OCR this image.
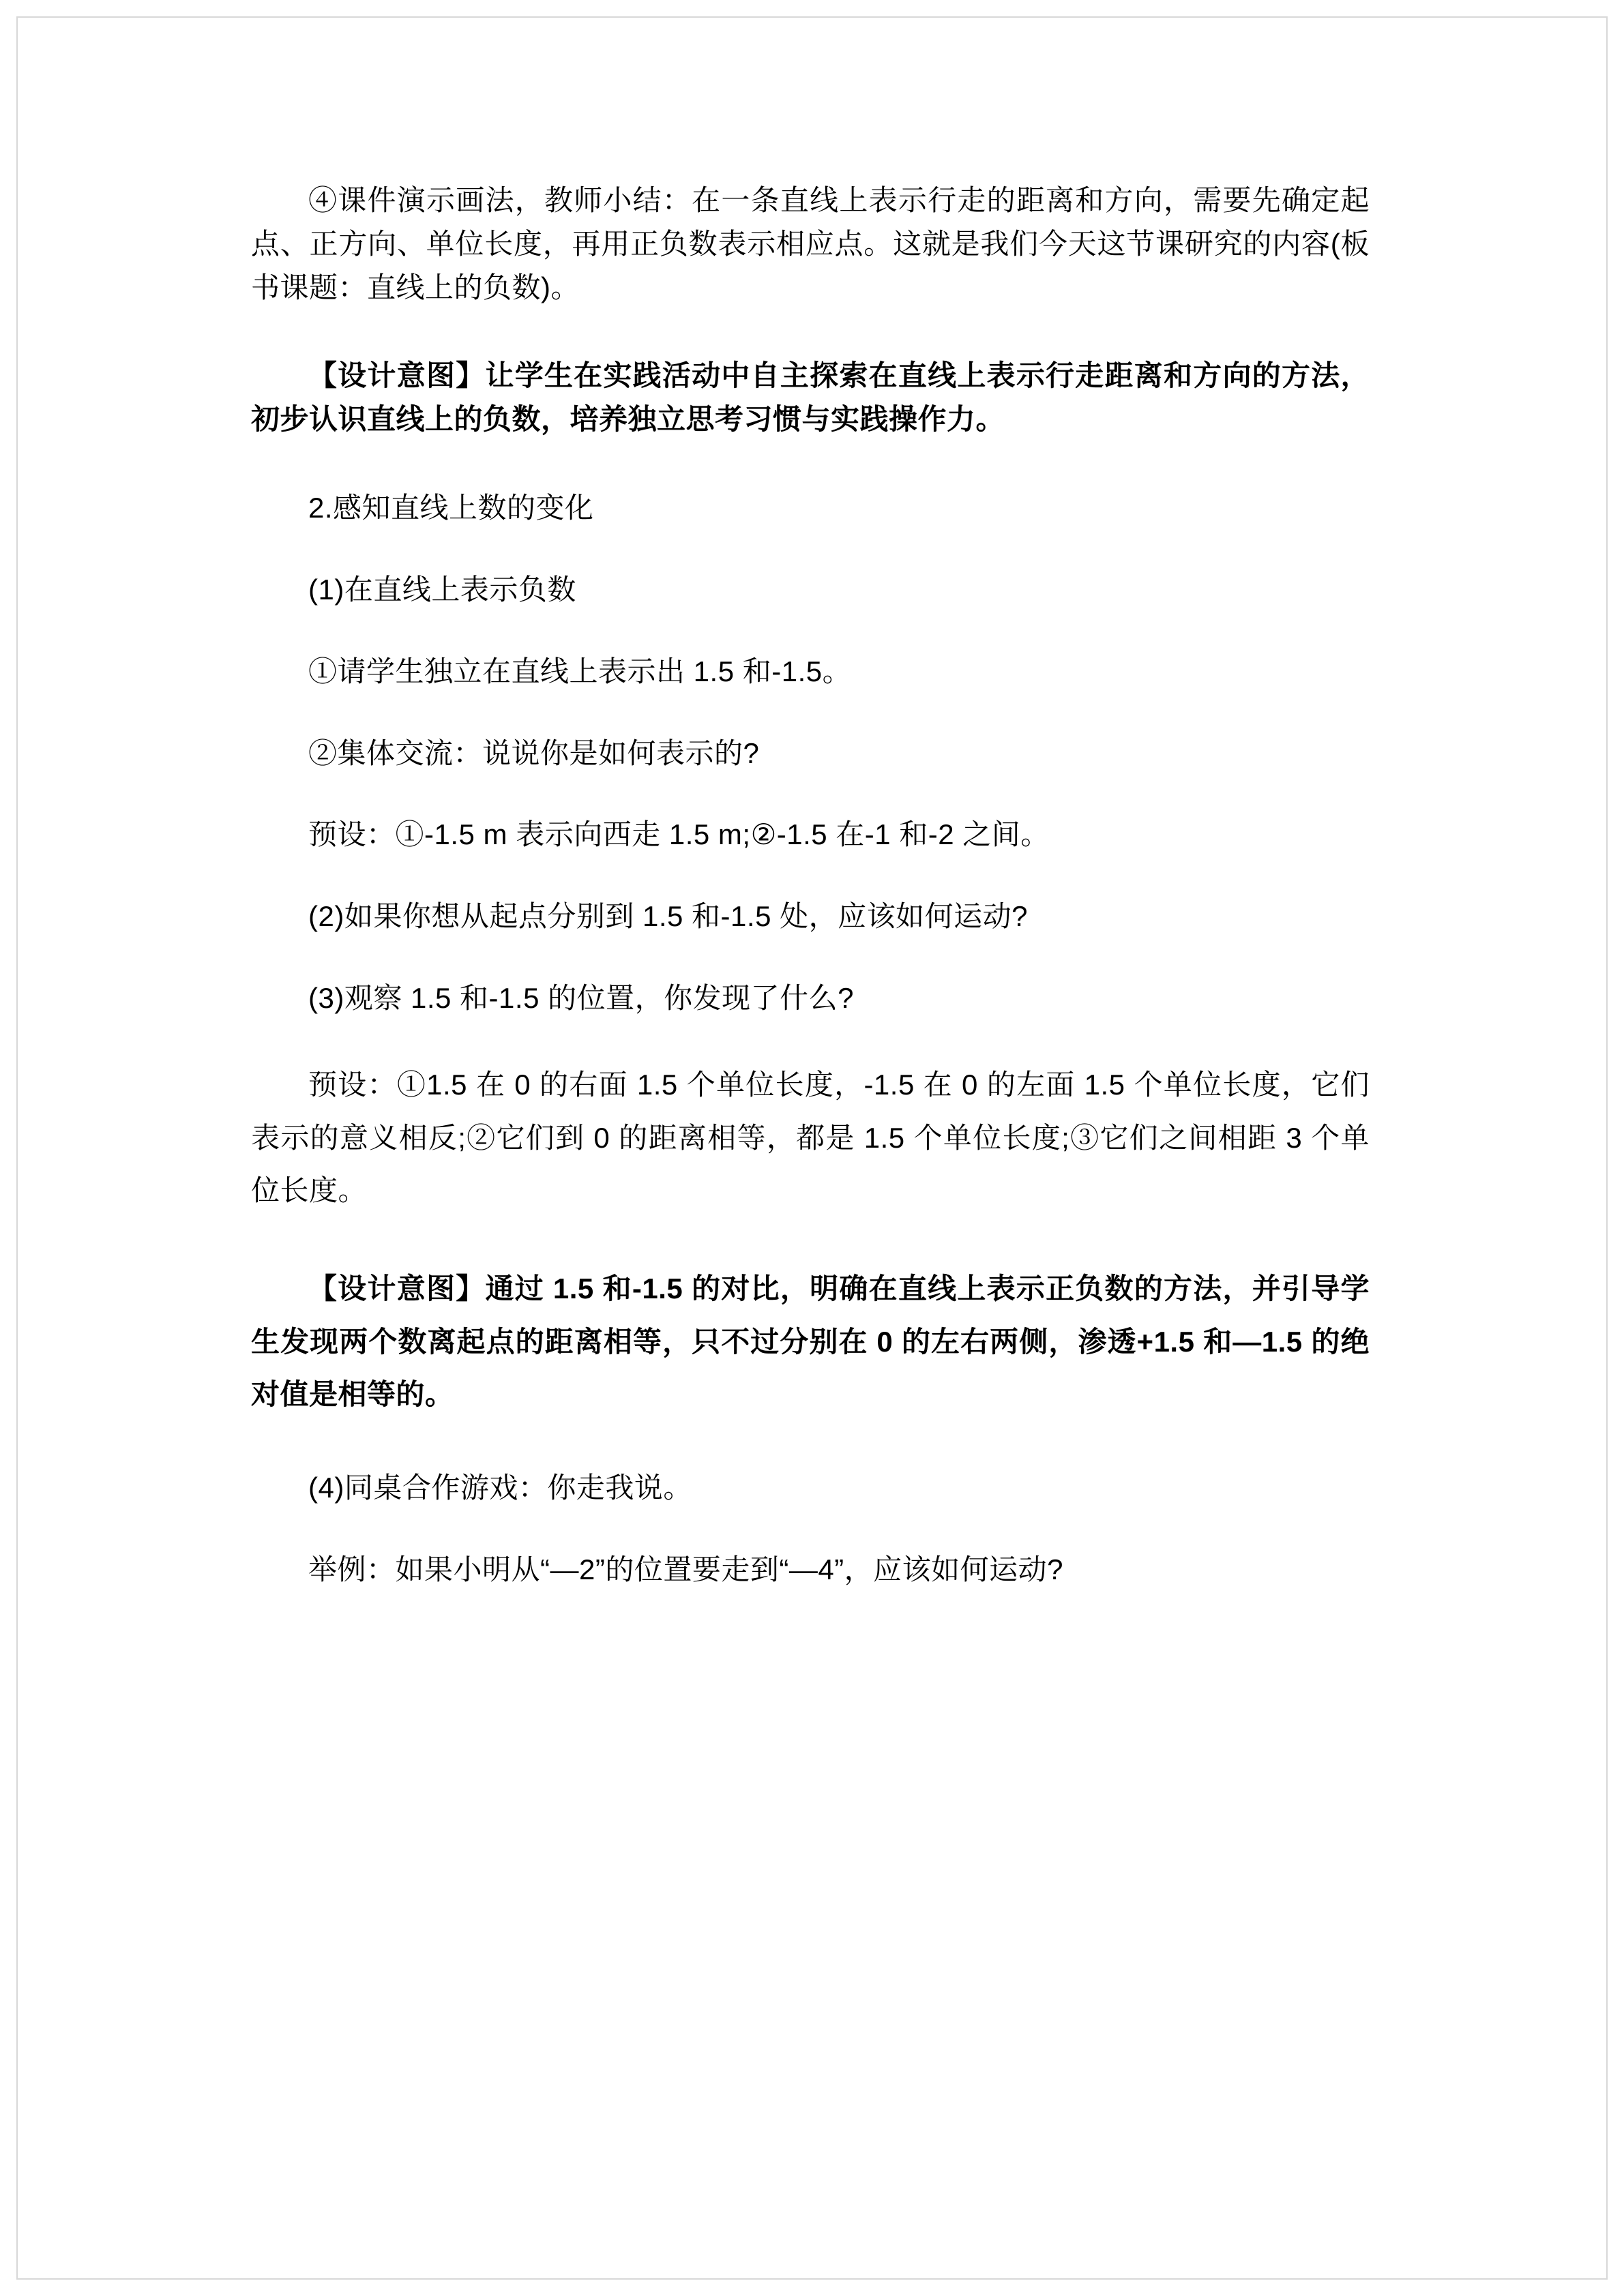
④课件演示画法，教师小结：在一条直线上表示行走的距离和方向，需要先确定起点、正方向、单位长度，再用正负数表示相应点。这就是我们今天这节课研究的内容(板书课题：直线上的负数)。

【设计意图】让学生在实践活动中自主探索在直线上表示行走距离和方向的方法，初步认识直线上的负数，培养独立思考习惯与实践操作力。

2.感知直线上数的变化

(1)在直线上表示负数

①请学生独立在直线上表示出 1.5 和-1.5。

②集体交流：说说你是如何表示的?

预设：①-1.5 m 表示向西走 1.5 m;②-1.5 在-1 和-2 之间。

(2)如果你想从起点分别到 1.5 和-1.5 处，应该如何运动?

(3)观察 1.5 和-1.5 的位置，你发现了什么?

预设：①1.5 在 0 的右面 1.5 个单位长度，-1.5 在 0 的左面 1.5 个单位长度，它们表示的意义相反;②它们到 0 的距离相等，都是 1.5 个单位长度;③它们之间相距 3 个单位长度。

【设计意图】通过 1.5 和-1.5 的对比，明确在直线上表示正负数的方法，并引导学生发现两个数离起点的距离相等，只不过分别在 0 的左右两侧，渗透+1.5 和—1.5 的绝对值是相等的。

(4)同桌合作游戏：你走我说。

举例：如果小明从“—2”的位置要走到“—4”，应该如何运动?
